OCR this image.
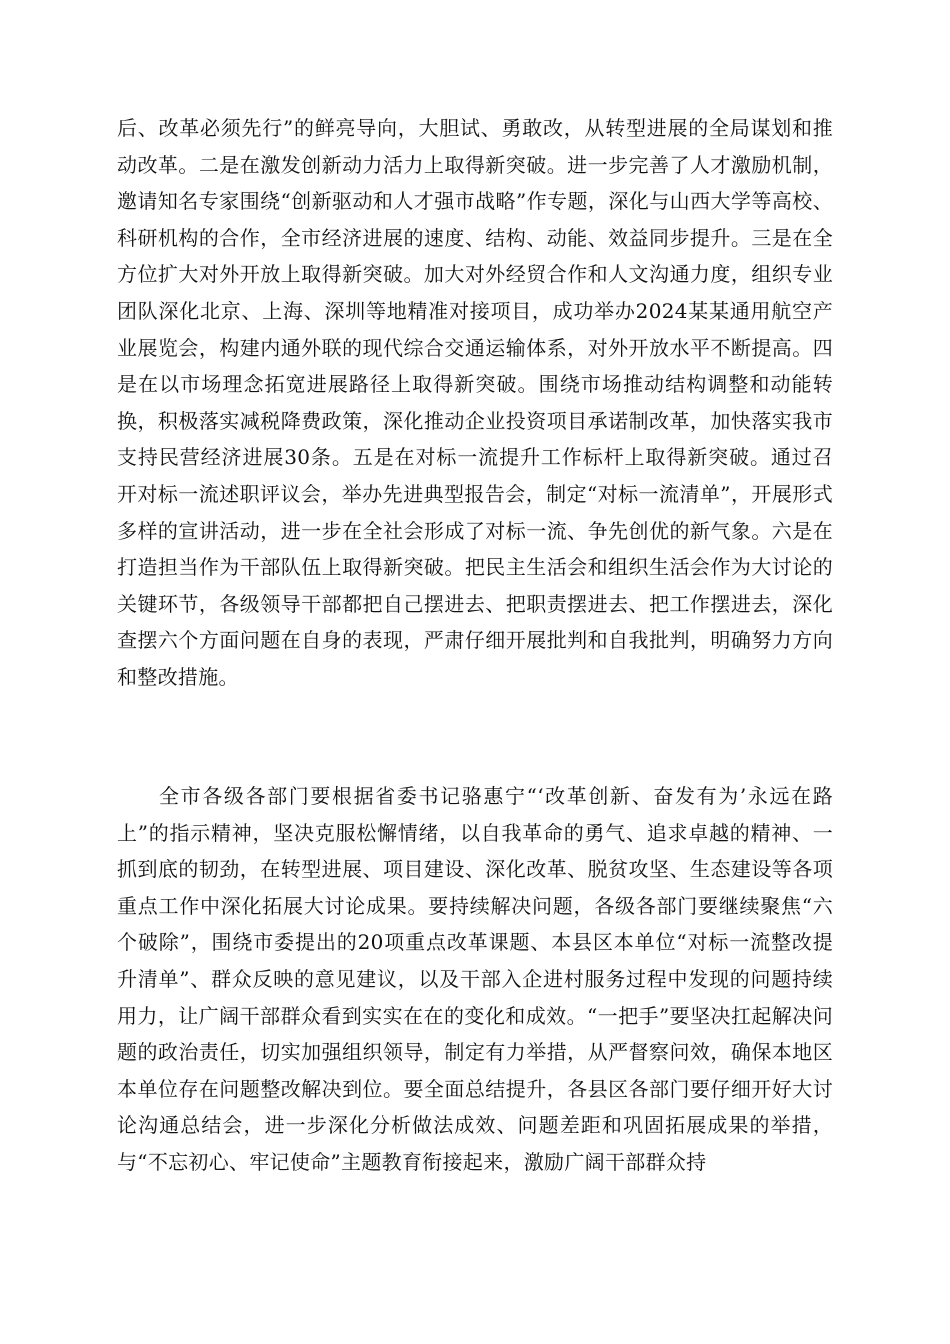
后、改革必须先行”的鲜亮导向，大胆试、勇敢改，从转型进展的全局谋划和推动改革。二是在激发创新动力活力上取得新突破。进一步完善了人才激励机制，邀请知名专家围绕“创新驱动和人才强市战略”作专题，深化与山西大学等高校、科研机构的合作，全市经济进展的速度、结构、动能、效益同步提升。三是在全方位扩大对外开放上取得新突破。加大对外经贸合作和人文沟通力度，组织专业团队深化北京、上海、深圳等地精准对接项目，成功举办2024某某通用航空产业展览会，构建内通外联的现代综合交通运输体系，对外开放水平不断提高。四是在以市场理念拓宽进展路径上取得新突破。围绕市场推动结构调整和动能转换，积极落实减税降费政策，深化推动企业投资项目承诺制改革，加快落实我市支持民营经济进展30条。五是在对标一流提升工作标杆上取得新突破。通过召开对标一流述职评议会，举办先进典型报告会，制定“对标一流清单”，开展形式多样的宣讲活动，进一步在全社会形成了对标一流、争先创优的新气象。六是在打造担当作为干部队伍上取得新突破。把民主生活会和组织生活会作为大讨论的关键环节，各级领导干部都把自己摆进去、把职责摆进去、把工作摆进去，深化查摆六个方面问题在自身的表现，严肃仔细开展批判和自我批判，明确努力方向和整改措施。

全市各级各部门要根据省委书记骆惠宁“‘改革创新、奋发有为’永远在路上”的指示精神，坚决克服松懈情绪，以自我革命的勇气、追求卓越的精神、一抓到底的韧劲，在转型进展、项目建设、深化改革、脱贫攻坚、生态建设等各项重点工作中深化拓展大讨论成果。要持续解决问题，各级各部门要继续聚焦“六个破除”，围绕市委提出的20项重点改革课题、本县区本单位“对标一流整改提升清单”、群众反映的意见建议，以及干部入企进村服务过程中发现的问题持续用力，让广阔干部群众看到实实在在的变化和成效。“一把手”要坚决扛起解决问题的政治责任，切实加强组织领导，制定有力举措，从严督察问效，确保本地区本单位存在问题整改解决到位。要全面总结提升，各县区各部门要仔细开好大讨论沟通总结会，进一步深化分析做法成效、问题差距和巩固拓展成果的举措，与“不忘初心、牢记使命”主题教育衔接起来，激励广阔干部群众持
